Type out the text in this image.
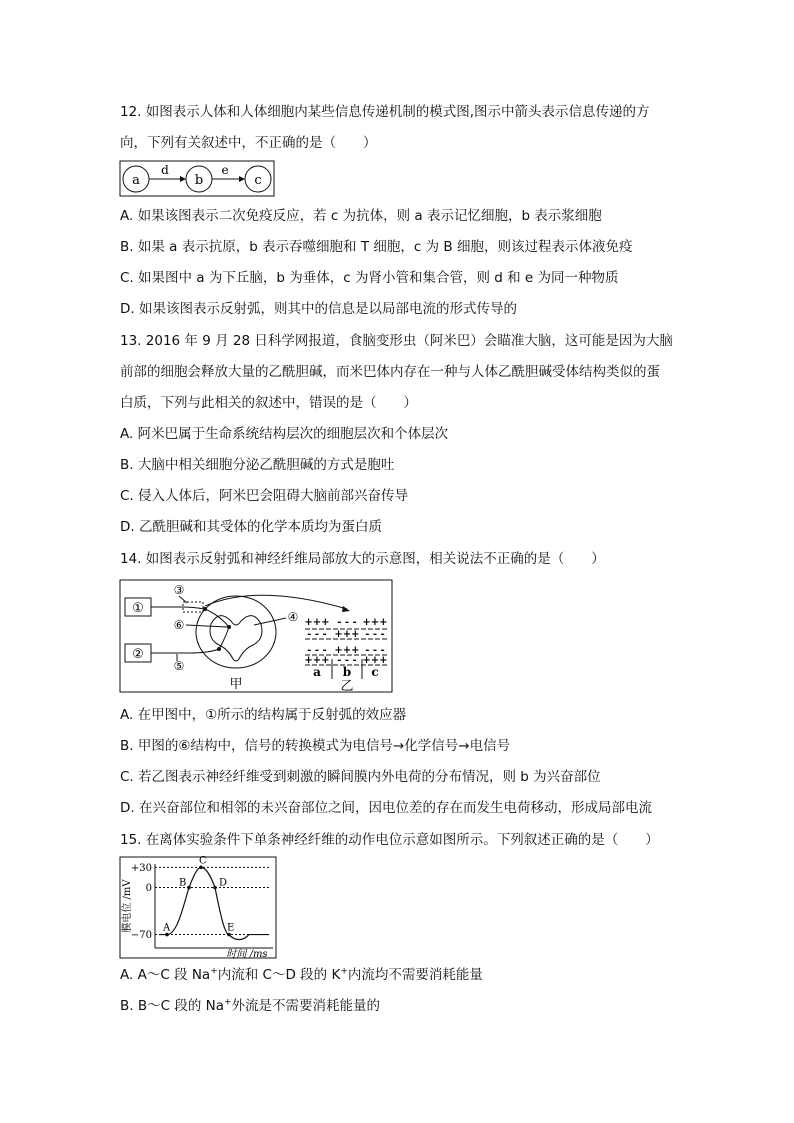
12. 如图表示人体和人体细胞内某些信息传递机制的模式图,图示中箭头表示信息传递的方
向，下列有关叙述中，不正确的是（　　）
a	b	c
d	e
A. 如果该图表示二次免疫反应，若 c 为抗体，则 a 表示记忆细胞，b 表示浆细胞
B. 如果 a 表示抗原，b 表示吞噬细胞和 T 细胞，c 为 B 细胞，则该过程表示体液免疫
C. 如果图中 a 为下丘脑，b 为垂体，c 为肾小管和集合管，则 d 和 e 为同一种物质
D. 如果该图表示反射弧，则其中的信息是以局部电流的形式传导的
13. 2016 年 9 月 28 日科学网报道，食脑变形虫（阿米巴）会瞄准大脑，这可能是因为大脑
前部的细胞会释放大量的乙酰胆碱，而米巴体内存在一种与人体乙酰胆碱受体结构类似的蛋
白质，下列与此相关的叙述中，错误的是（　　）
A. 阿米巴属于生命系统结构层次的细胞层次和个体层次
B. 大脑中相关细胞分泌乙酰胆碱的方式是胞吐
C. 侵入人体后，阿米巴会阻碍大脑前部兴奋传导
D. 乙酰胆碱和其受体的化学本质均为蛋白质
14. 如图表示反射弧和神经纤维局部放大的示意图，相关说法不正确的是（　　）
①
②
③
⑥
⑤
④ +++ - - - +++
- - - +++ - - -
- - - +++ - - -
+++ - - - +++
a b c
甲	乙
A. 在甲图中，①所示的结构属于反射弧的效应器
B. 甲图的⑥结构中，信号的转换模式为电信号→化学信号→电信号
C. 若乙图表示神经纤维受到刺激的瞬间膜内外电荷的分布情况，则 b 为兴奋部位
D. 在兴奋部位和相邻的未兴奋部位之间，因电位差的存在而发生电荷移动，形成局部电流
15. 在离体实验条件下单条神经纤维的动作电位示意如图所示。下列叙述正确的是（　　）
+30
0
−70
A
B
C
D
E
膜电位 /mV
时间 /ms
A. A～C 段 Na+内流和 C～D 段的 K+内流均不需要消耗能量
B. B～C 段的 Na+外流是不需要消耗能量的
